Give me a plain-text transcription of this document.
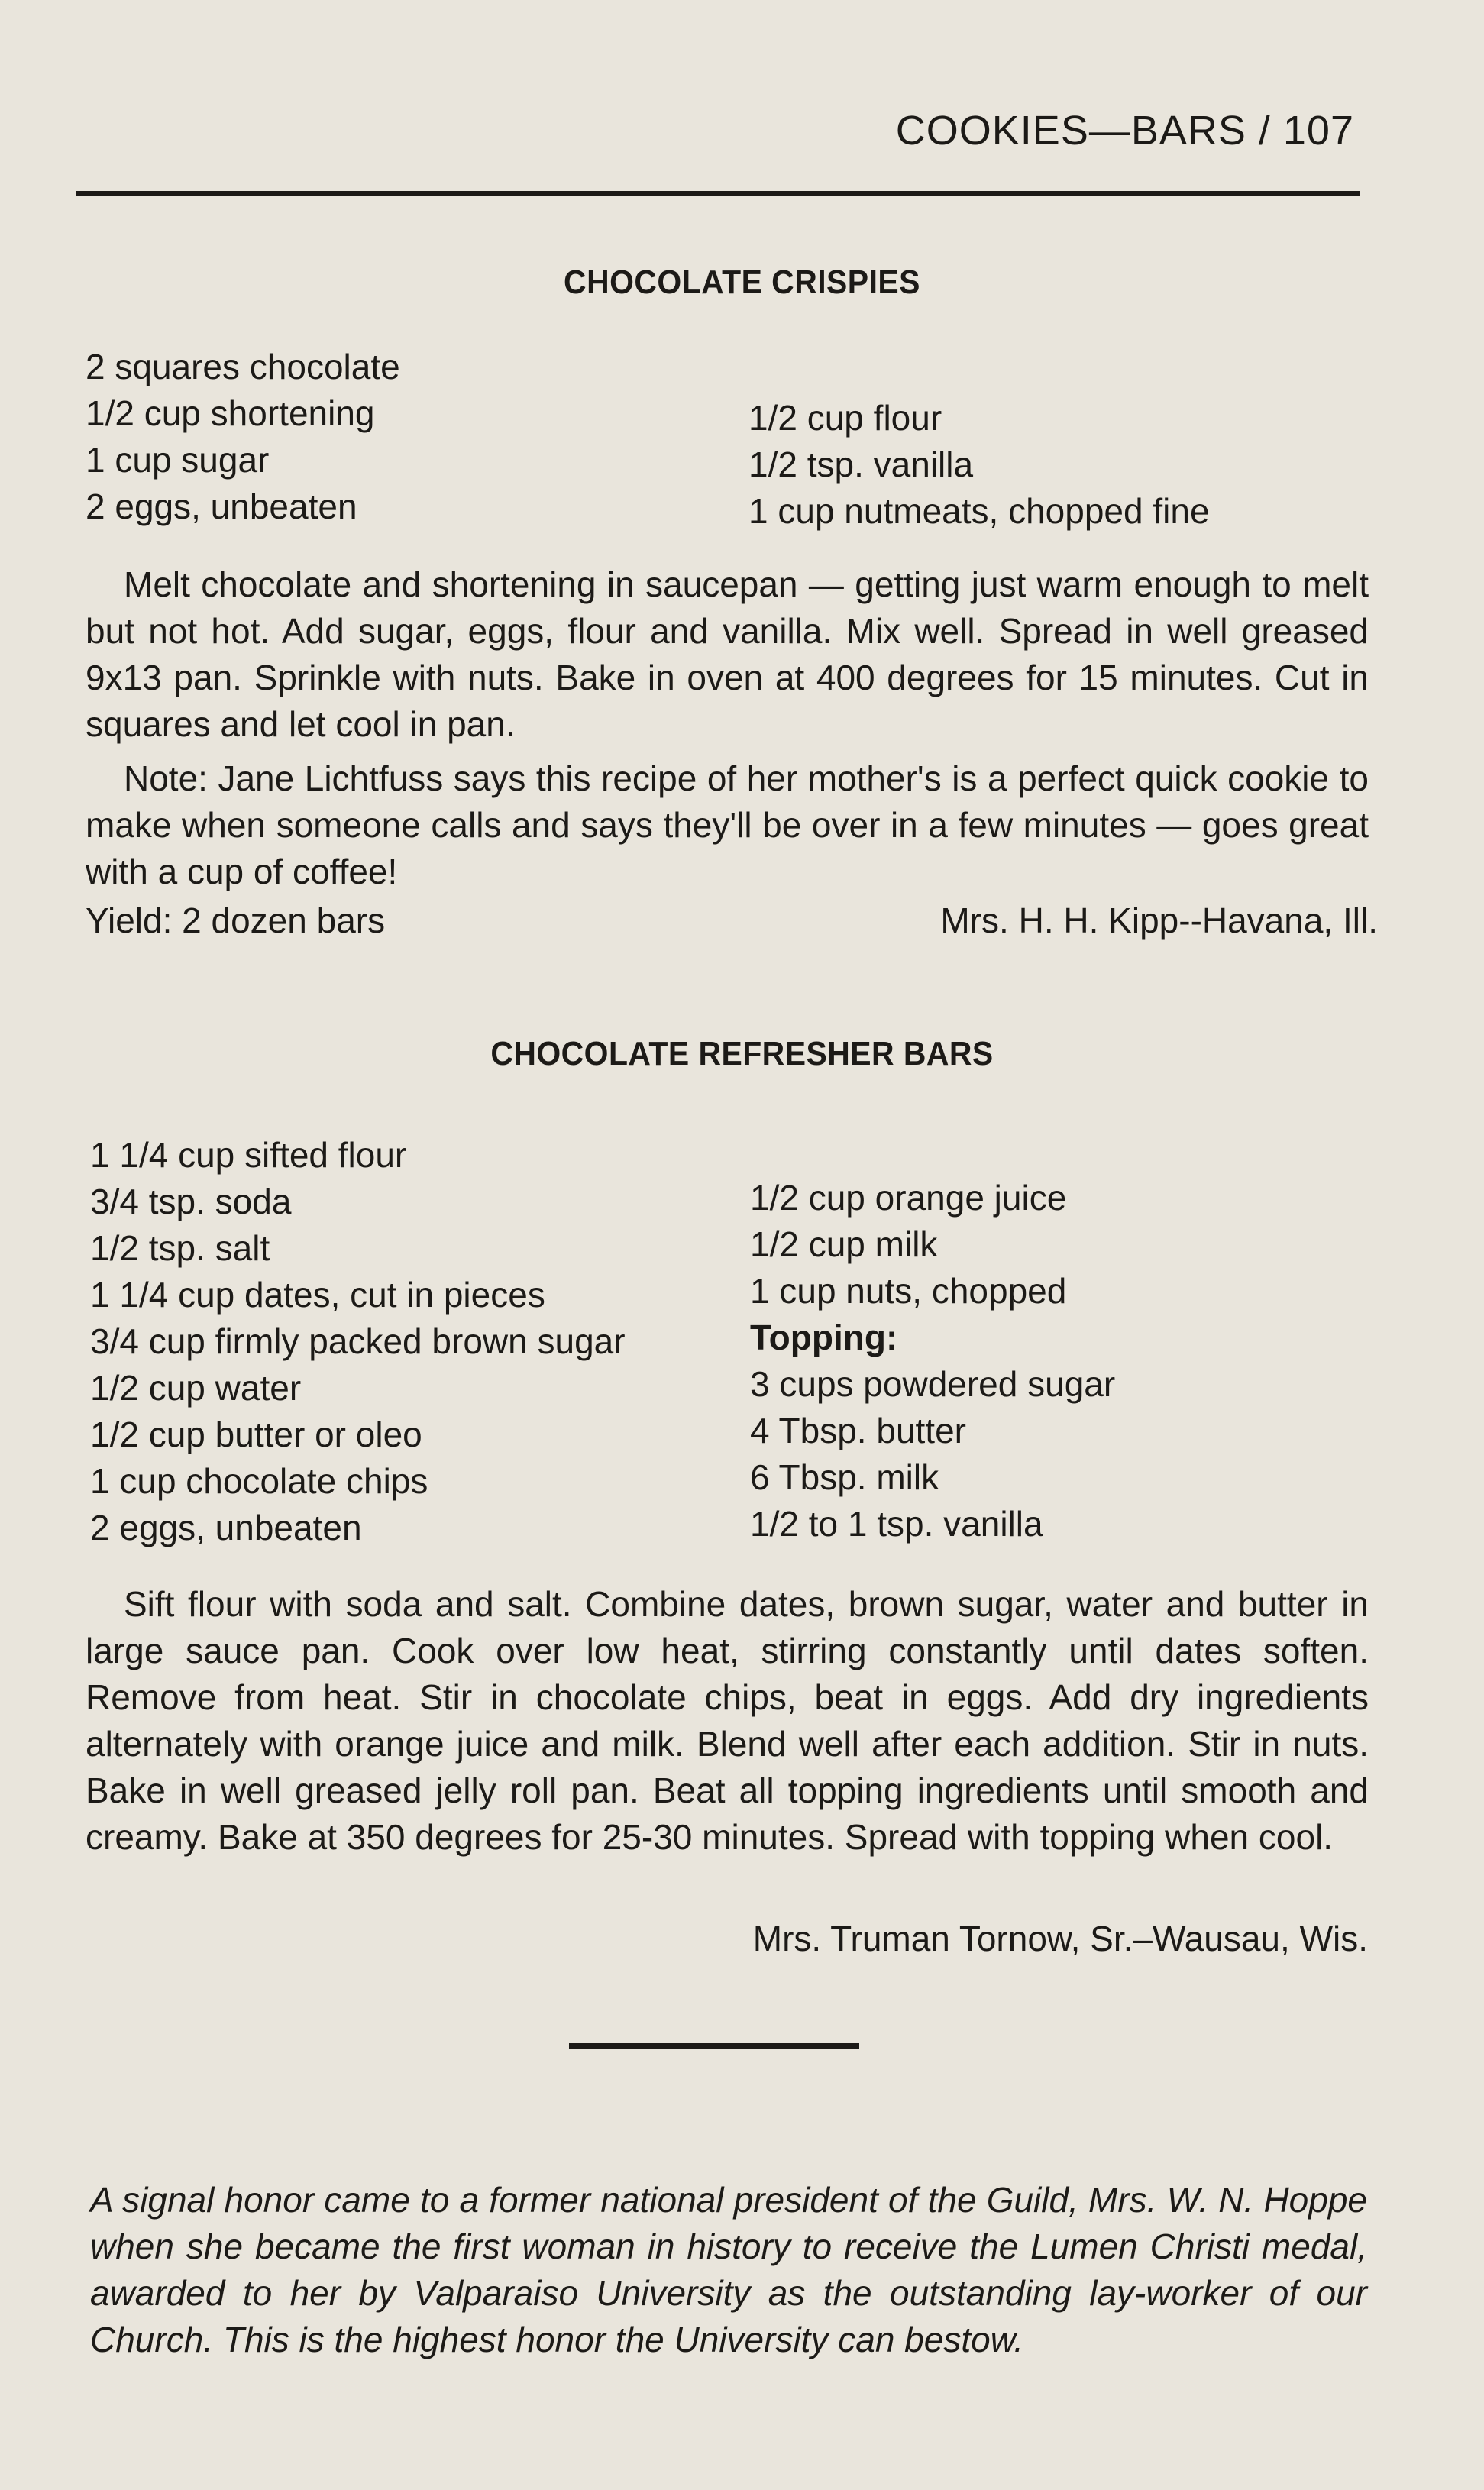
COOKIES—BARS / 107
CHOCOLATE CRISPIES
2 squares chocolate
1/2 cup shortening
1 cup sugar
2 eggs, unbeaten
1/2 cup flour
1/2 tsp. vanilla
1 cup nutmeats, chopped fine

Melt chocolate and shortening in saucepan — getting just warm enough to melt but not hot. Add sugar, eggs, flour and vanilla. Mix well. Spread in well greased 9x13 pan. Sprinkle with nuts. Bake in oven at 400 degrees for 15 minutes. Cut in squares and let cool in pan.

Note: Jane Lichtfuss says this recipe of her mother's is a perfect quick cookie to make when someone calls and says they'll be over in a few minutes — goes great with a cup of coffee!

Yield: 2 dozen bars	Mrs. H. H. Kipp--Havana, Ill.
CHOCOLATE REFRESHER BARS
1 1/4 cup sifted flour
3/4 tsp. soda
1/2 tsp. salt
1 1/4 cup dates, cut in pieces
3/4 cup firmly packed brown sugar
1/2 cup water
1/2 cup butter or oleo
1 cup chocolate chips
2 eggs, unbeaten
1/2 cup orange juice
1/2 cup milk
1 cup nuts, chopped
Topping:
3 cups powdered sugar
4 Tbsp. butter
6 Tbsp. milk
1/2 to 1 tsp. vanilla

Sift flour with soda and salt. Combine dates, brown sugar, water and butter in large sauce pan. Cook over low heat, stirring constantly until dates soften. Remove from heat. Stir in chocolate chips, beat in eggs. Add dry ingredients alternately with orange juice and milk. Blend well after each addition. Stir in nuts. Bake in well greased jelly roll pan. Beat all topping ingredients until smooth and creamy. Bake at 350 degrees for 25-30 minutes. Spread with topping when cool.

Mrs. Truman Tornow, Sr.–Wausau, Wis.

A signal honor came to a former national president of the Guild, Mrs. W. N. Hoppe when she became the first woman in history to receive the Lumen Christi medal, awarded to her by Valparaiso University as the outstanding lay-worker of our Church. This is the highest honor the University can bestow.
